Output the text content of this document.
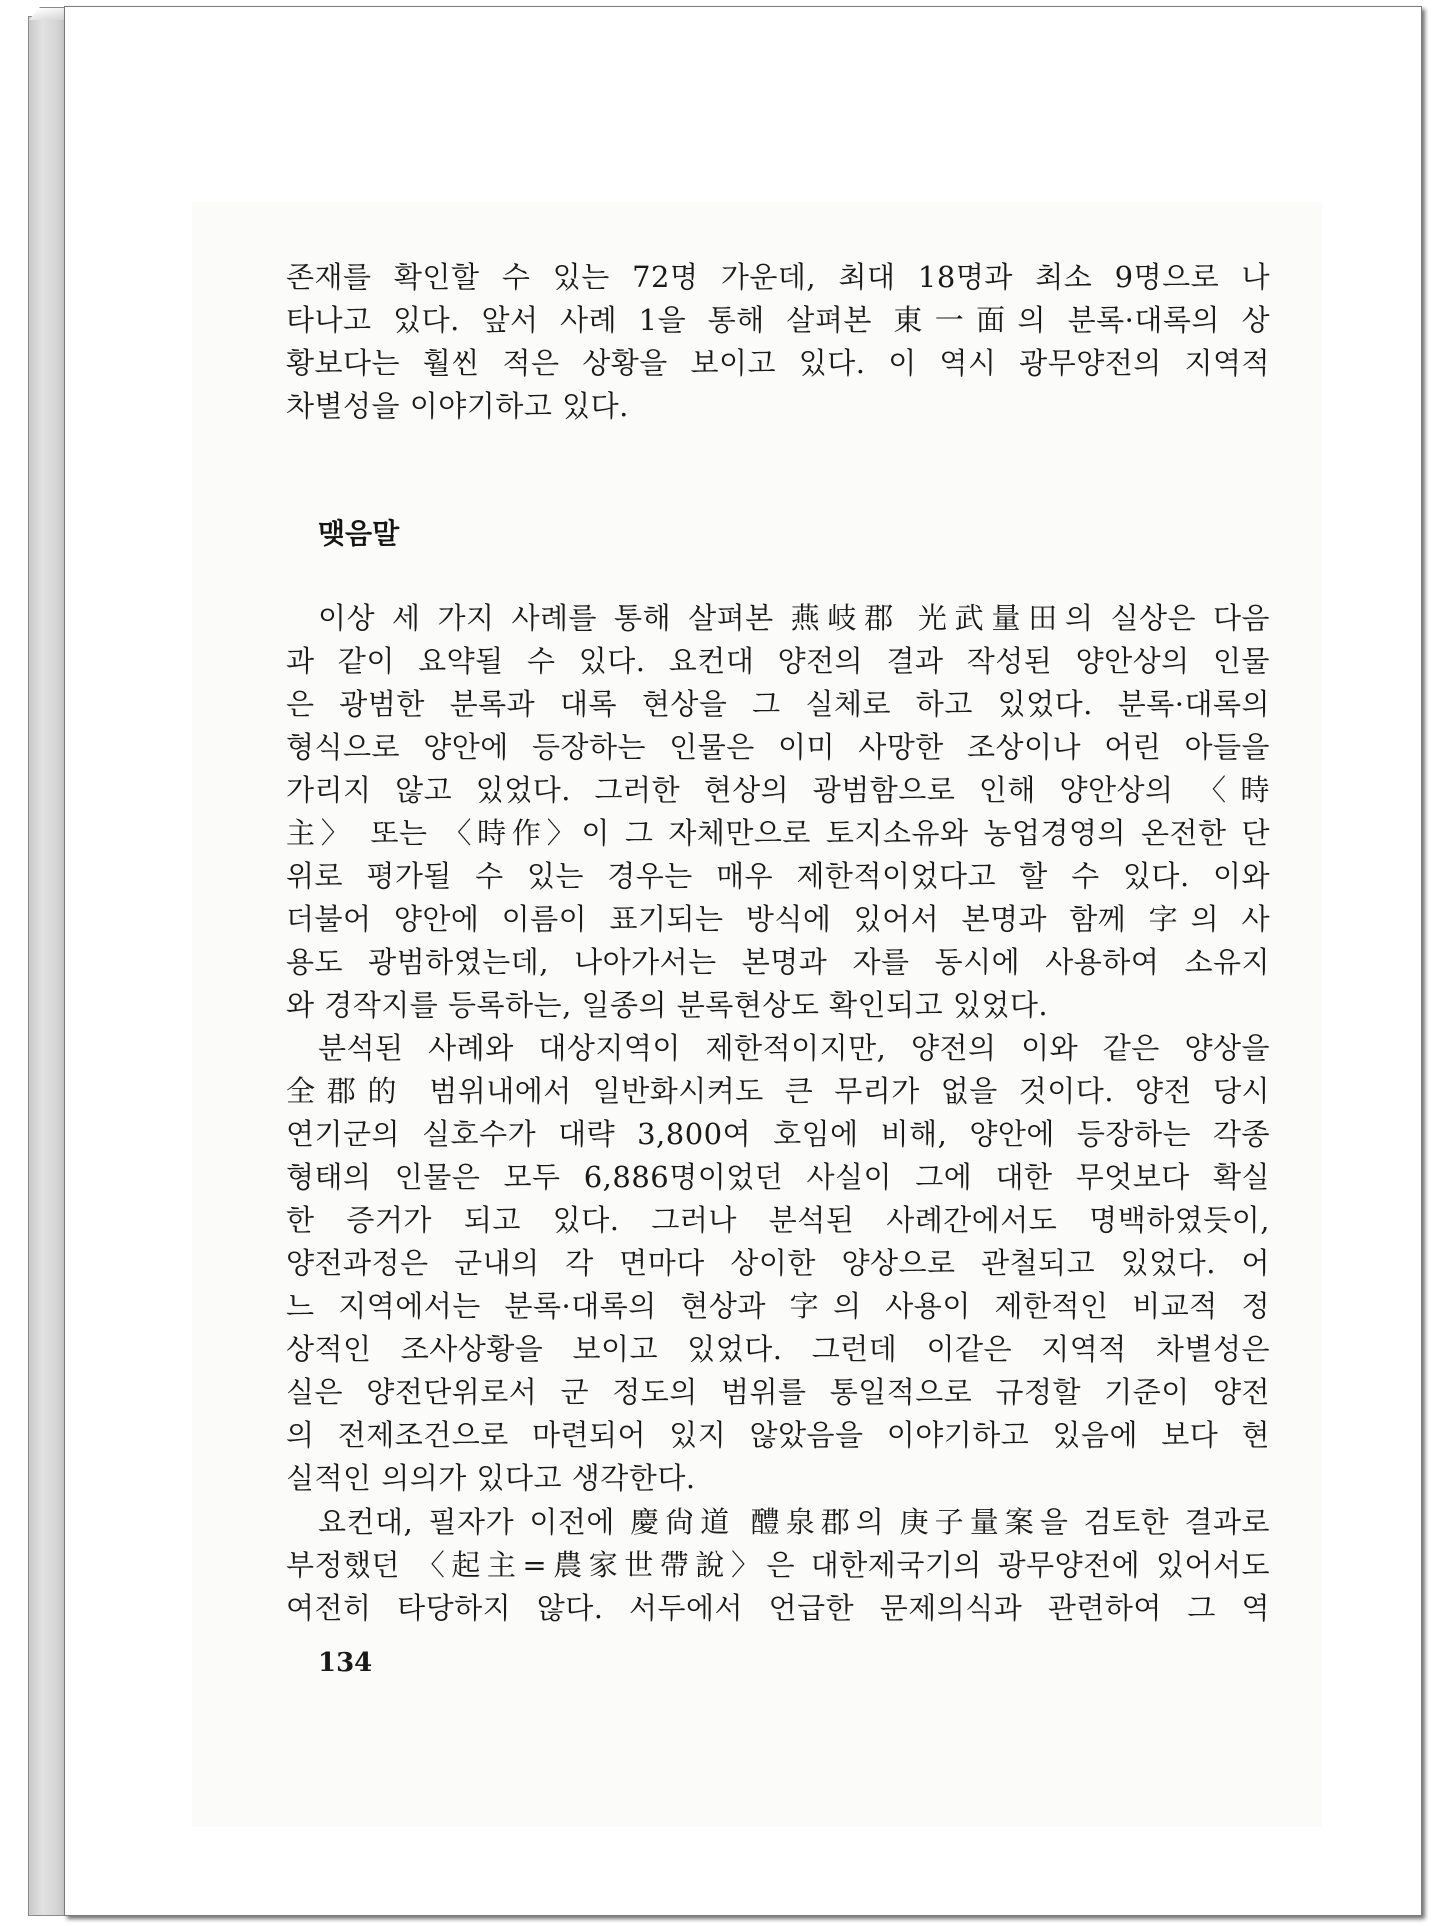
존재를 확인할 수 있는 72명 가운데, 최대 18명과 최소 9명으로 나
타나고 있다. 앞서 사례 1을 통해 살펴본 東一面의 분록·대록의 상
황보다는 훨씬 적은 상황을 보이고 있다. 이 역시 광무양전의 지역적
차별성을 이야기하고 있다.
맺음말
이상 세 가지 사례를 통해 살펴본 燕岐郡 光武量田의 실상은 다음
과 같이 요약될 수 있다. 요컨대 양전의 결과 작성된 양안상의 인물
은 광범한 분록과 대록 현상을 그 실체로 하고 있었다. 분록·대록의
형식으로 양안에 등장하는 인물은 이미 사망한 조상이나 어린 아들을
가리지 않고 있었다. 그러한 현상의 광범함으로 인해 양안상의 〈時
主〉 또는 〈時作〉이 그 자체만으로 토지소유와 농업경영의 온전한 단
위로 평가될 수 있는 경우는 매우 제한적이었다고 할 수 있다. 이와
더불어 양안에 이름이 표기되는 방식에 있어서 본명과 함께 字의 사
용도 광범하였는데, 나아가서는 본명과 자를 동시에 사용하여 소유지
와 경작지를 등록하는, 일종의 분록현상도 확인되고 있었다.
분석된 사례와 대상지역이 제한적이지만, 양전의 이와 같은 양상을
全郡的 범위내에서 일반화시켜도 큰 무리가 없을 것이다. 양전 당시
연기군의 실호수가 대략 3,800여 호임에 비해, 양안에 등장하는 각종
형태의 인물은 모두 6,886명이었던 사실이 그에 대한 무엇보다 확실
한 증거가 되고 있다. 그러나 분석된 사례간에서도 명백하였듯이,
양전과정은 군내의 각 면마다 상이한 양상으로 관철되고 있었다. 어
느 지역에서는 분록·대록의 현상과 字의 사용이 제한적인 비교적 정
상적인 조사상황을 보이고 있었다. 그런데 이같은 지역적 차별성은
실은 양전단위로서 군 정도의 범위를 통일적으로 규정할 기준이 양전
의 전제조건으로 마련되어 있지 않았음을 이야기하고 있음에 보다 현
실적인 의의가 있다고 생각한다.
요컨대, 필자가 이전에 慶尙道 醴泉郡의 庚子量案을 검토한 결과로
부정했던 〈起主=農家世帶說〉은 대한제국기의 광무양전에 있어서도
여전히 타당하지 않다. 서두에서 언급한 문제의식과 관련하여 그 역
134
